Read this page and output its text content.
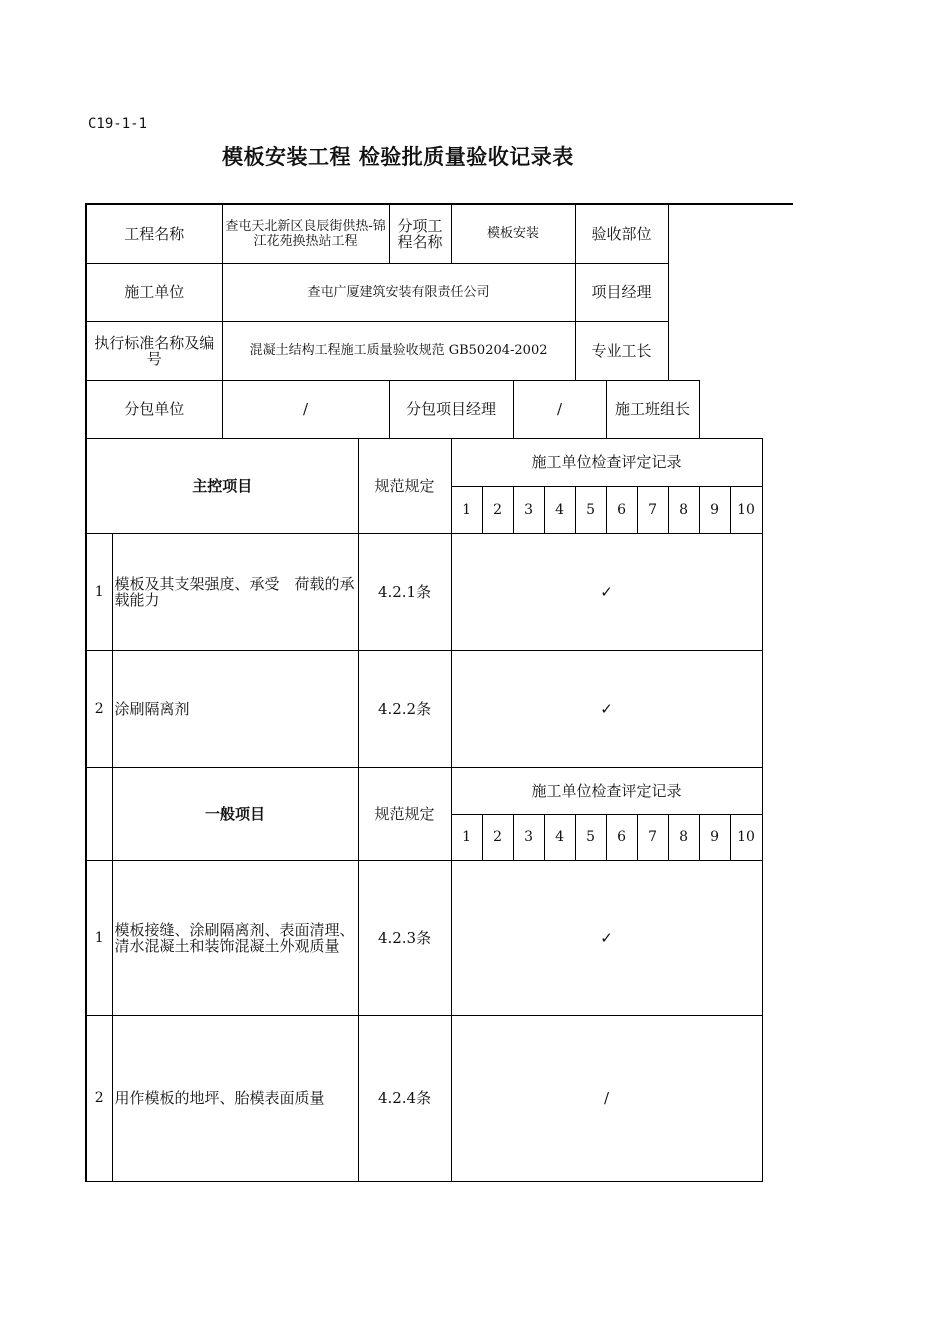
C19-1-1
模板安装工程 检验批质量验收记录表
工程名称		查屯天北新区良辰街供热-锦江花苑换热站工程		分项工程名称	模板安装				验收部位						
施工单位		查屯广厦建筑安装有限责任公司							项目经理						
执行标准名称及编号		混凝土结构工程施工质量验收规范 GB50204-2002							专业工长						
分包单位		/		分包项目经理			/			施工班组长					
主控项目			规范规定		施工单位检查评定记录										
					1	2	3	4	5	6	7	8	9	10	
1	模板及其支架强度、承受　荷载的承载能力		4.2.1条		✓										
2	涂刷隔离剂		4.2.2条		✓										
	一般项目		规范规定		施工单位检查评定记录										
					1	2	3	4	5	6	7	8	9	10	
1	模板接缝、涂刷隔离剂、表面清理、清水混凝土和装饰混凝土外观质量		4.2.3条		✓										
2	用作模板的地坪、胎模表面质量		4.2.4条		/										
